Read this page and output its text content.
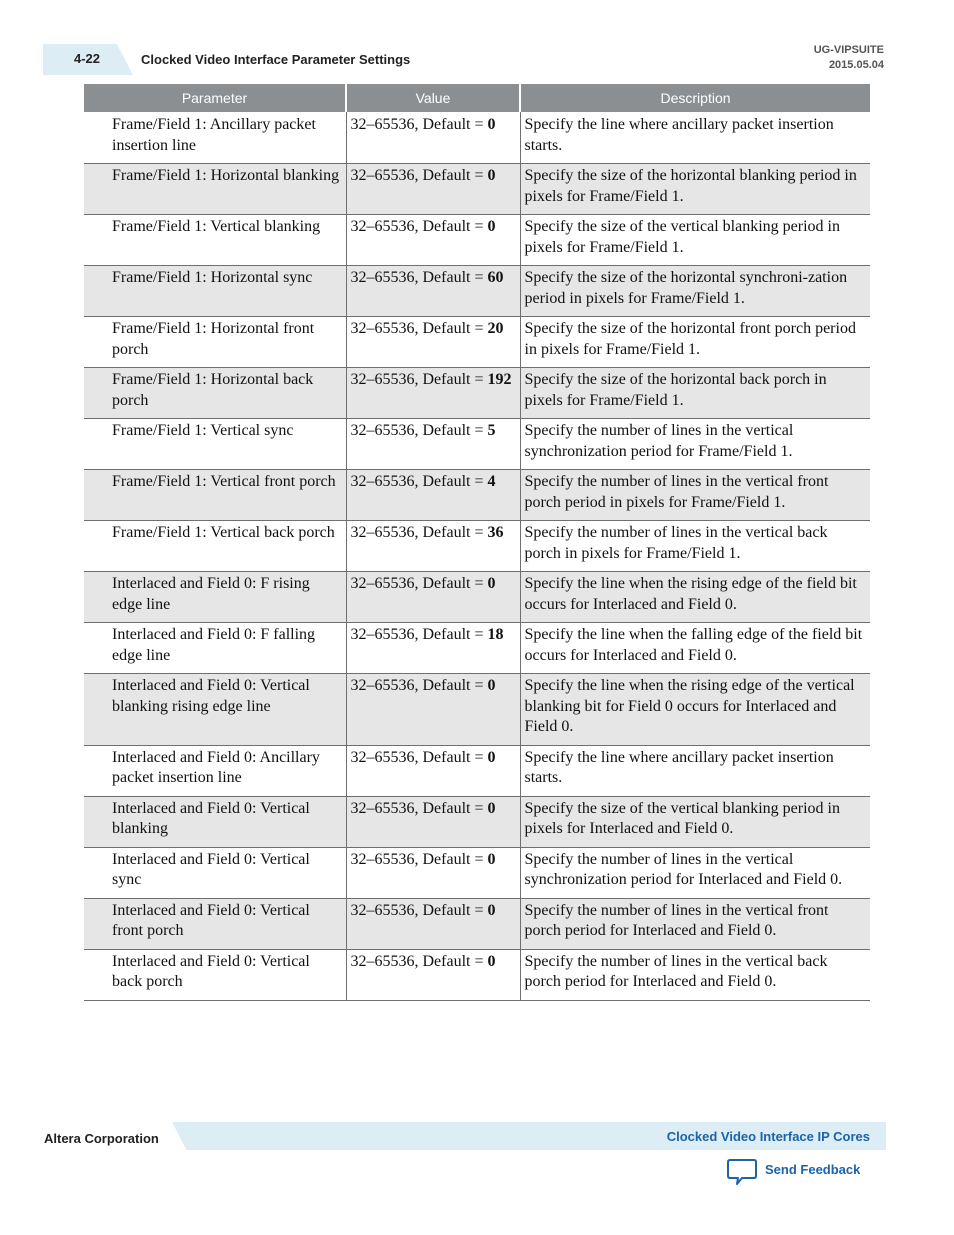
4-22	Clocked Video Interface Parameter Settings
UG-VIPSUITE
2015.05.04
Parameter	Value	Description
Frame/Field 1: Ancillary packet insertion line	32–65536, Default = 0	Specify the line where ancillary packet insertion starts.
Frame/Field 1: Horizontal blanking	32–65536, Default = 0	Specify the size of the horizontal blanking period in pixels for Frame/Field 1.
Frame/Field 1: Vertical blanking	32–65536, Default = 0	Specify the size of the vertical blanking period in pixels for Frame/Field 1.
Frame/Field 1: Horizontal sync	32–65536, Default = 60	Specify the size of the horizontal synchroni-zation period in pixels for Frame/Field 1.
Frame/Field 1: Horizontal front porch	32–65536, Default = 20	Specify the size of the horizontal front porch period in pixels for Frame/Field 1.
Frame/Field 1: Horizontal back porch	32–65536, Default = 192	Specify the size of the horizontal back porch in pixels for Frame/Field 1.
Frame/Field 1: Vertical sync	32–65536, Default = 5	Specify the number of lines in the vertical synchronization period for Frame/Field 1.
Frame/Field 1: Vertical front porch	32–65536, Default = 4	Specify the number of lines in the vertical front porch period in pixels for Frame/Field 1.
Frame/Field 1: Vertical back porch	32–65536, Default = 36	Specify the number of lines in the vertical back porch in pixels for Frame/Field 1.
Interlaced and Field 0: F rising edge line	32–65536, Default = 0	Specify the line when the rising edge of the field bit occurs for Interlaced and Field 0.
Interlaced and Field 0: F falling edge line	32–65536, Default = 18	Specify the line when the falling edge of the field bit occurs for Interlaced and Field 0.
Interlaced and Field 0: Vertical blanking rising edge line	32–65536, Default = 0	Specify the line when the rising edge of the vertical blanking bit for Field 0 occurs for Interlaced and Field 0.
Interlaced and Field 0: Ancillary packet insertion line	32–65536, Default = 0	Specify the line where ancillary packet insertion starts.
Interlaced and Field 0: Vertical blanking	32–65536, Default = 0	Specify the size of the vertical blanking period in pixels for Interlaced and Field 0.
Interlaced and Field 0: Vertical sync	32–65536, Default = 0	Specify the number of lines in the vertical synchronization period for Interlaced and Field 0.
Interlaced and Field 0: Vertical front porch	32–65536, Default = 0	Specify the number of lines in the vertical front porch period for Interlaced and Field 0.
Interlaced and Field 0: Vertical back porch	32–65536, Default = 0	Specify the number of lines in the vertical back porch period for Interlaced and Field 0.
Altera Corporation	Clocked Video Interface IP Cores
Send Feedback
